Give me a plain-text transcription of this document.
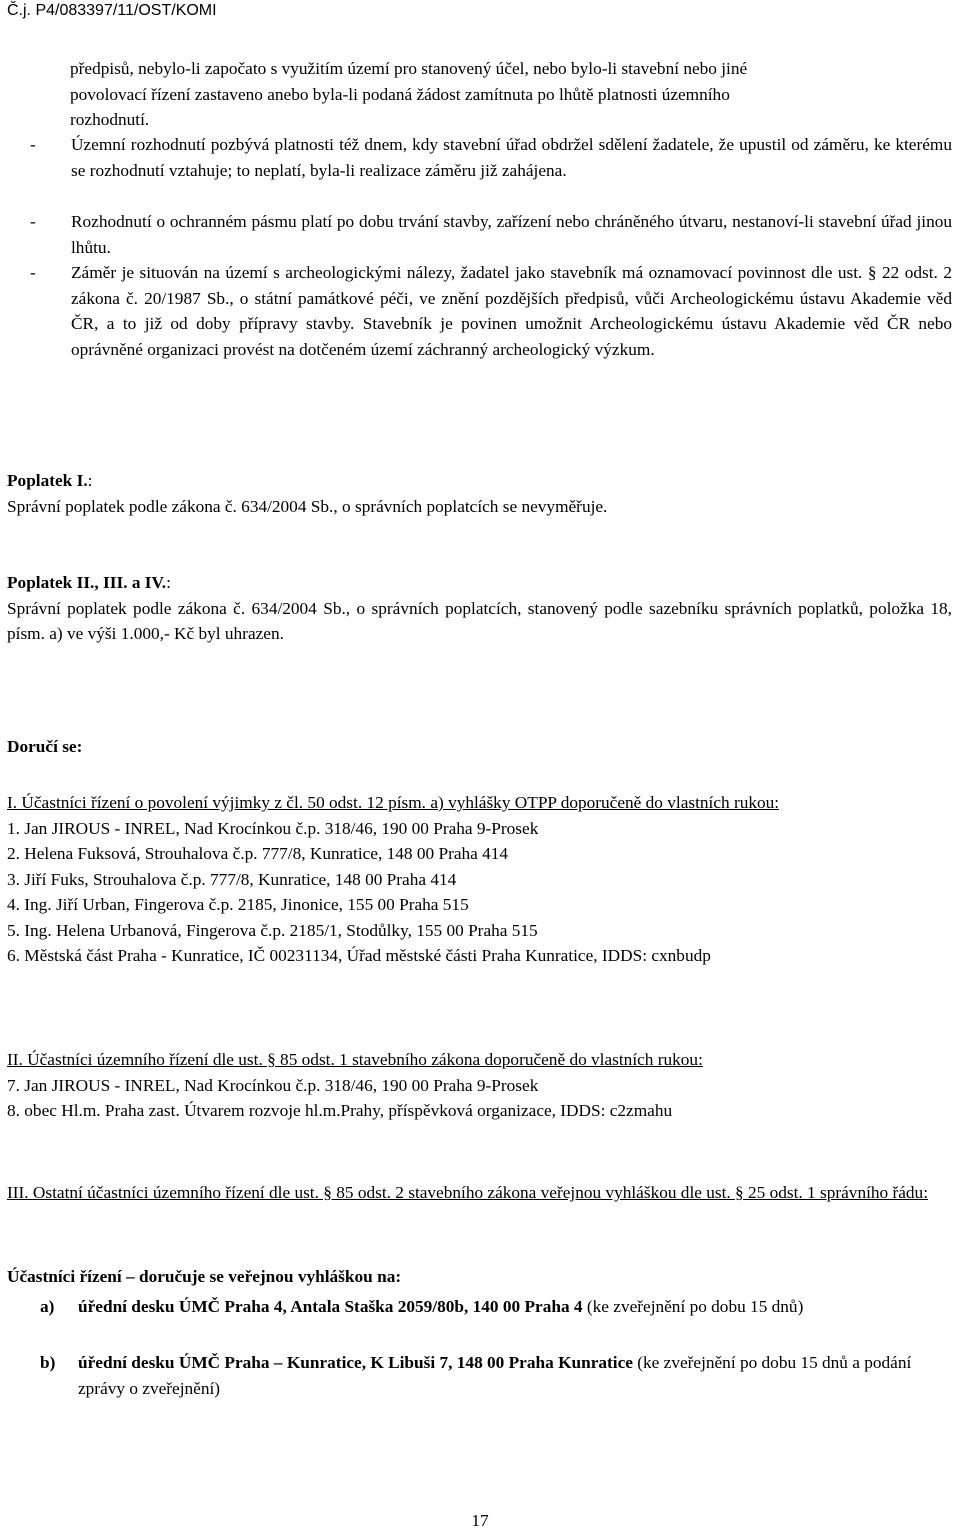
Č.j. P4/083397/11/OST/KOMI

předpisů, nebylo-li započato s využitím území pro stanovený účel, nebo bylo-li stavební nebo jiné

povolovací řízení zastaveno anebo byla-li podaná žádost zamítnuta po lhůtě platnosti územního

rozhodnutí.

- Územní rozhodnutí pozbývá platnosti též dnem, kdy stavební úřad obdržel sdělení žadatele, že upustil od záměru, ke kterému se rozhodnutí vztahuje; to neplatí, byla-li realizace záměru již zahájena.
- Rozhodnutí o ochranném pásmu platí po dobu trvání stavby, zařízení nebo chráněného útvaru, nestanoví-li stavební úřad jinou lhůtu.
- Záměr je situován na území s archeologickými nálezy, žadatel jako stavebník má oznamovací povinnost dle ust. § 22 odst. 2 zákona č. 20/1987 Sb., o státní památkové péči, ve znění pozdějších předpisů, vůči Archeologickému ústavu Akademie věd ČR, a to již od doby přípravy stavby. Stavebník je povinen umožnit Archeologickému ústavu Akademie věd ČR nebo oprávněné organizaci provést na dotčeném území záchranný archeologický výzkum.

Poplatek I.:

Správní poplatek podle zákona č. 634/2004 Sb., o správních poplatcích se nevyměřuje.

Poplatek II., III. a IV.:

Správní poplatek podle zákona č. 634/2004 Sb., o správních poplatcích, stanovený podle sazebníku správních poplatků, položka 18, písm. a) ve výši 1.000,- Kč byl uhrazen.

Doručí se:

I. Účastníci řízení o povolení výjimky z čl. 50 odst. 12 písm. a) vyhlášky OTPP doporučeně do vlastních rukou:

1. Jan JIROUS - INREL, Nad Krocínkou č.p. 318/46, 190 00 Praha 9-Prosek

2. Helena Fuksová, Strouhalova č.p. 777/8, Kunratice, 148 00 Praha 414

3. Jiří Fuks, Strouhalova č.p. 777/8, Kunratice, 148 00 Praha 414

4. Ing. Jiří Urban, Fingerova č.p. 2185, Jinonice, 155 00 Praha 515

5. Ing. Helena Urbanová, Fingerova č.p. 2185/1, Stodůlky, 155 00 Praha 515

6. Městská část Praha - Kunratice, IČ 00231134, Úřad městské části Praha Kunratice, IDDS: cxnbudp

II. Účastníci územního řízení dle ust. § 85 odst. 1 stavebního zákona doporučeně do vlastních rukou:

7. Jan JIROUS - INREL, Nad Krocínkou č.p. 318/46, 190 00 Praha 9-Prosek

8. obec Hl.m. Praha zast. Útvarem rozvoje hl.m.Prahy, příspěvková organizace, IDDS: c2zmahu

III. Ostatní účastníci územního řízení dle ust. § 85 odst. 2 stavebního zákona veřejnou vyhláškou dle ust. § 25 odst. 1 správního řádu:
Účastníci řízení – doručuje se veřejnou vyhláškou na:
a) úřední desku ÚMČ Praha 4, Antala Staška 2059/80b, 140 00 Praha 4 (ke zveřejnění po dobu 15 dnů)
b) úřední desku ÚMČ Praha – Kunratice, K Libuši 7, 148 00 Praha Kunratice (ke zveřejnění po dobu 15 dnů a podání zprávy o zveřejnění)
17
